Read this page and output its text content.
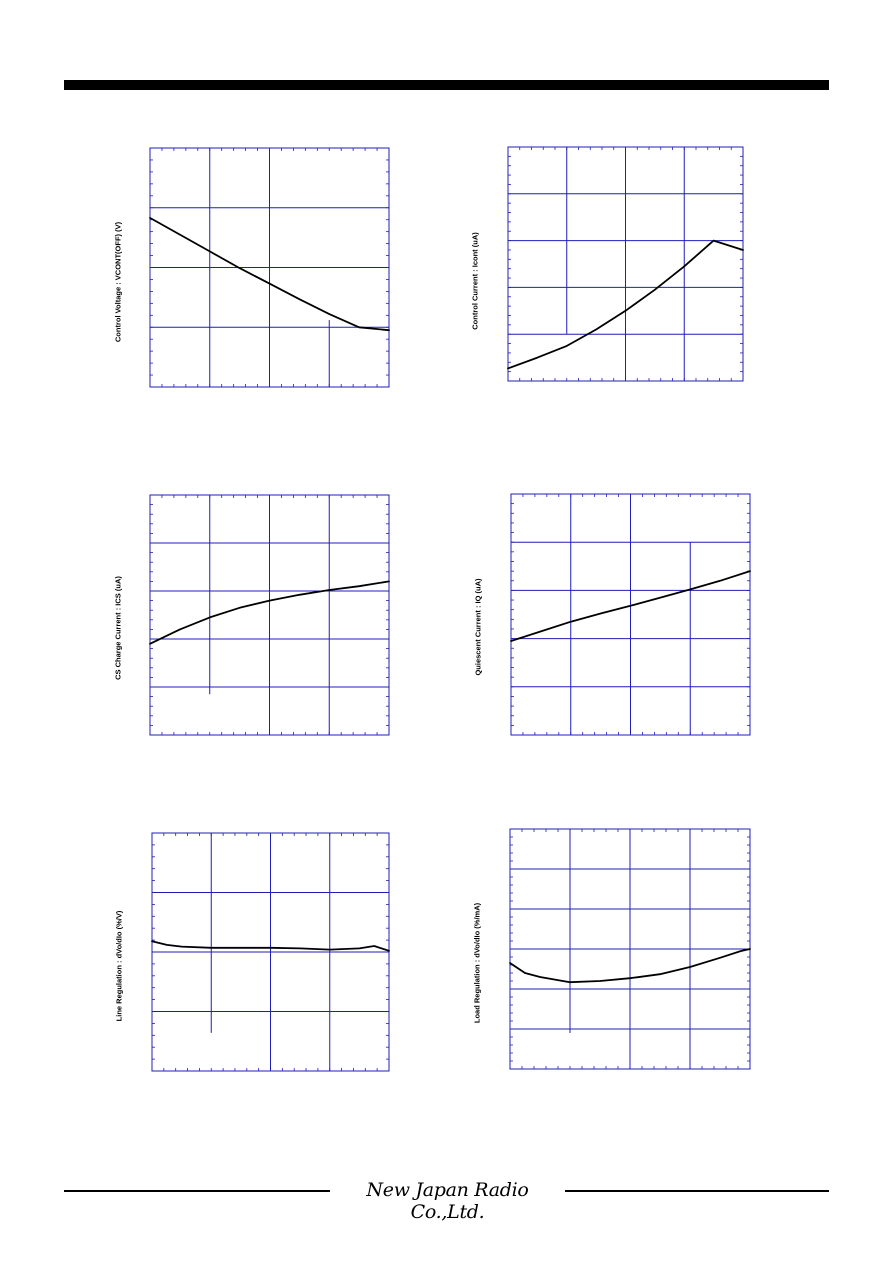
Control Voltage : VCONT(OFF) (V)	Control Current : Icont (uA)
CS Charge Current : ICS (uA)	Quiescent Current : IQ (uA)
Line Regulation : dVo/dIo (%/V)	Load Regulation : dVo/dIo (%/mA)
New Japan Radio Co.,Ltd.
